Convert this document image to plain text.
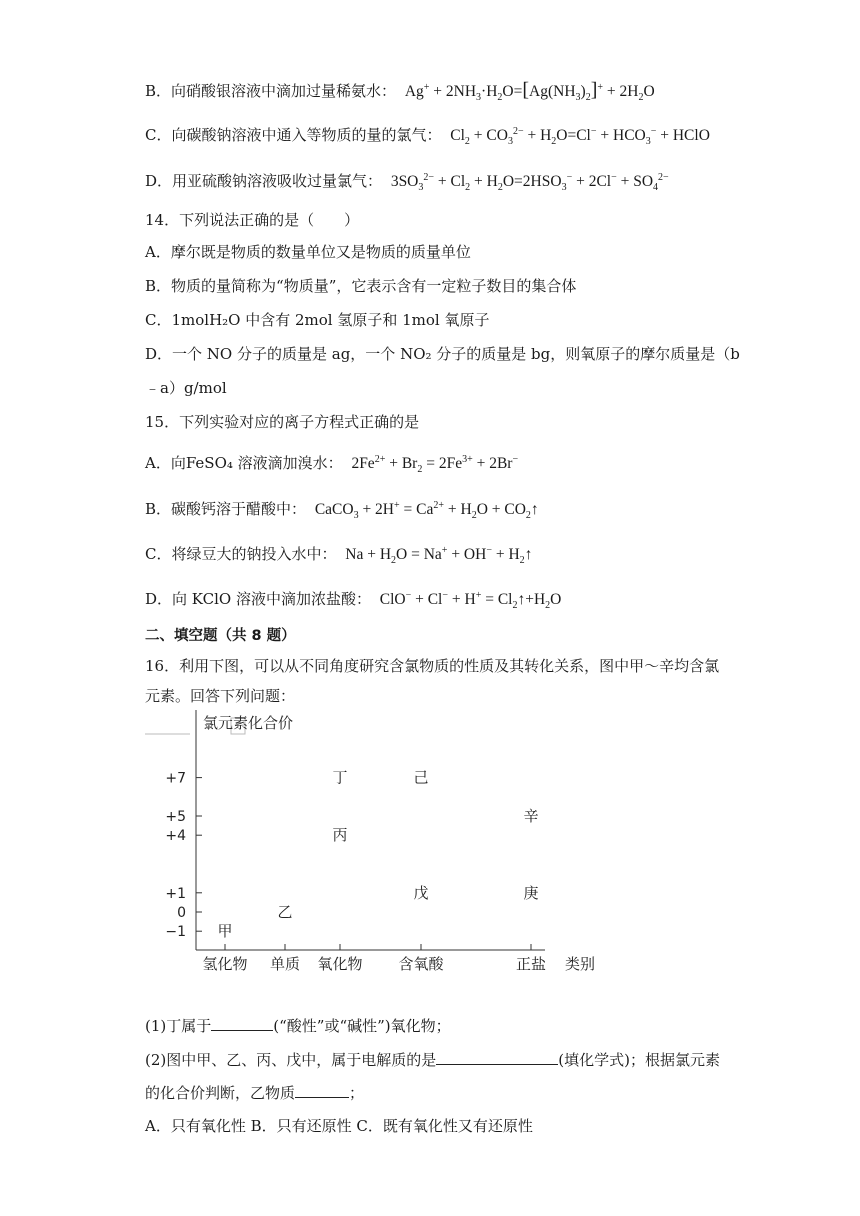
B．向硝酸银溶液中滴加过量稀氨水： $Ag^+ + 2NH_3\cdot H_2O=[Ag(NH_3)_2]^+ + 2H_2O$
C．向碳酸钠溶液中通入等物质的量的氯气： $Cl_2 + CO_3^{2-} + H_2O=Cl^- + HCO_3^-$ + HClO
D．用亚硫酸钠溶液吸收过量氯气： $3SO_3^{2-} + Cl_2 + H_2O=2HSO_3^- + 2Cl^- + SO_4^{2-}$
14．下列说法正确的是（　　）
A．摩尔既是物质的数量单位又是物质的质量单位
B．物质的量简称为“物质量”，它表示含有一定粒子数目的集合体
C．1molH₂O 中含有 2mol 氢原子和 1mol 氧原子
D．一个 NO 分子的质量是 ag，一个 NO₂ 分子的质量是 bg，则氧原子的摩尔质量是（b
﹣a）g/mol
15．下列实验对应的离子方程式正确的是
A．向FeSO₄ 溶液滴加溴水： $2Fe^{2+} + Br_2 = 2Fe^{3+} + 2Br^-$
B．碳酸钙溶于醋酸中： CaCO$_3$ + $2H^+ = Ca^{2+} + H_2O$ + $CO_2↑$
C．将绿豆大的钠投入水中： $Na + H_2O = Na^+ + OH^-$ + $H_2↑$
D．向 KClO 溶液中滴加浓盐酸： $ClO^- + Cl^- + H^+ = Cl_2↑+H_2O$
二、填空题（共 8 题）
16．利用下图，可以从不同角度研究含氯物质的性质及其转化关系，图中甲～辛均含氯
元素。回答下列问题：
氯元素化合价
类别
+7
+5
+4
+1
0
−1
氢化物 单质 氧化物 含氧酸	正盐
甲
乙
丙
丁
戊
己
庚
辛
(1)丁属于	(“酸性”或“碱性”)氧化物；
(2)图中甲、乙、丙、戊中，属于电解质的是	(填化学式)；根据氯元素
的化合价判断，乙物质	；
A．只有氧化性 B．只有还原性 C．既有氧化性又有还原性
